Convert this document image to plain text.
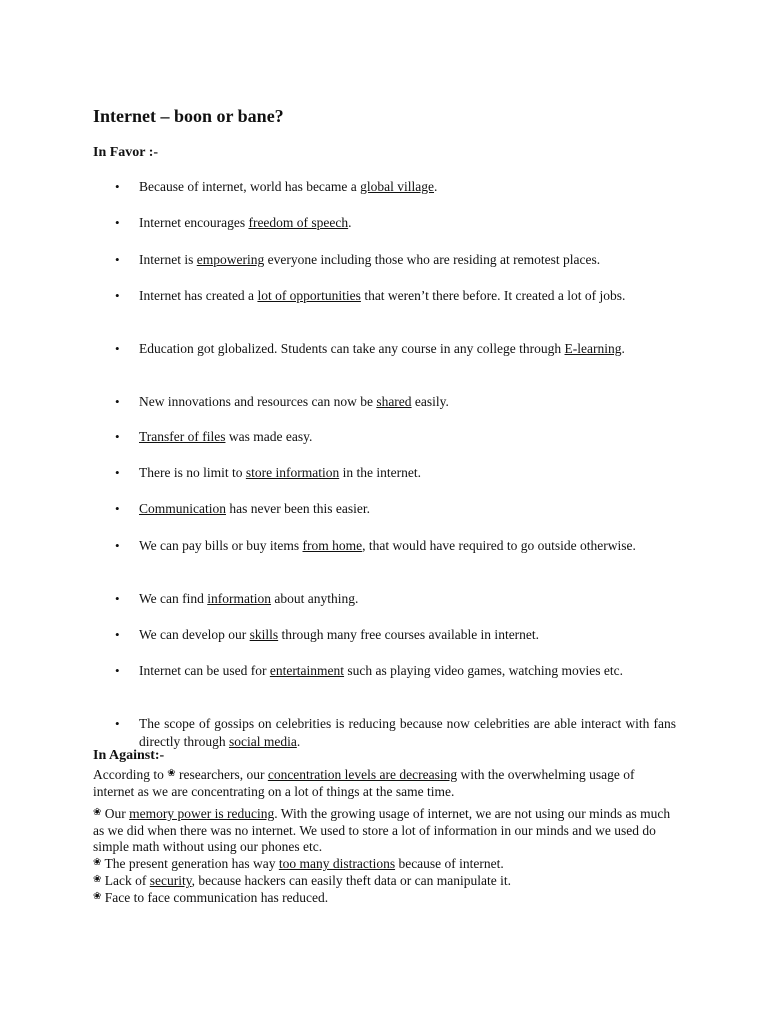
Internet – boon or bane?
In Favor :-
• Because of internet, world has became a global village.
• Internet encourages freedom of speech.
• Internet is empowering everyone including those who are residing at remotest places.
• Internet has created a lot of opportunities that weren’t there before. It created a lot of jobs.
• Education got globalized. Students can take any course in any college through E-learning.
• New innovations and resources can now be shared easily.
• Transfer of files was made easy.
• There is no limit to store information in the internet.
• Communication has never been this easier.
• We can pay bills or buy items from home, that would have required to go outside otherwise.
• We can find information about anything.
• We can develop our skills through many free courses available in internet.
• Internet can be used for entertainment such as playing video games, watching movies etc.
• The scope of gossips on celebrities is reducing because now celebrities are able interact with fans directly through social media.
In Against:-
According to ❀ researchers, our concentration levels are decreasing with the overwhelming usage of internet as we are concentrating on a lot of things at the same time.
❀ Our memory power is reducing. With the growing usage of internet, we are not using our minds as much as we did when there was no internet. We used to store a lot of information in our minds and we used do simple math without using our phones etc.
❀ The present generation has way too many distractions because of internet.
❀ Lack of security, because hackers can easily theft data or can manipulate it.
❀ Face to face communication has reduced.
